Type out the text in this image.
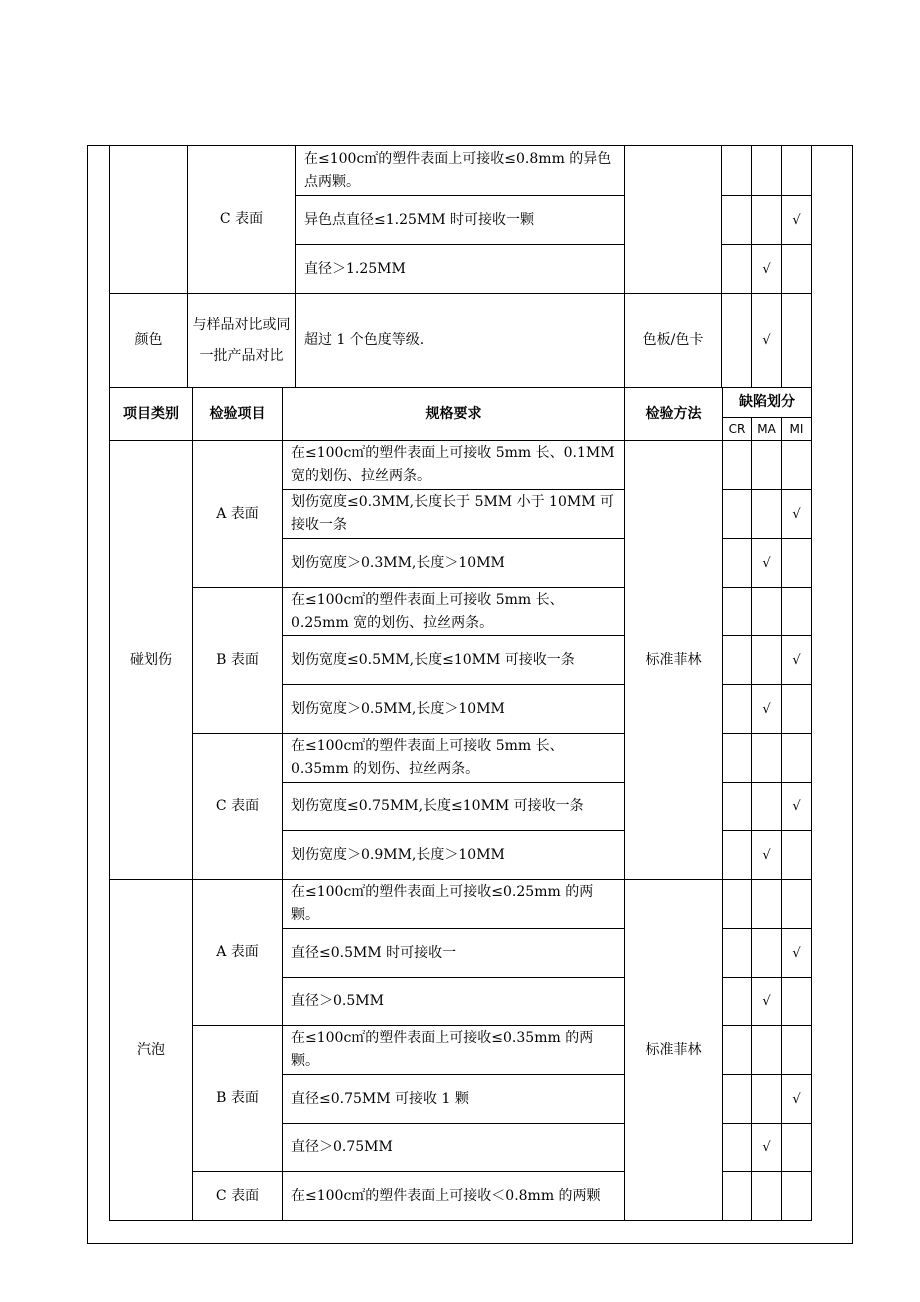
	C 表面	在≤100c㎡的塑件表面上可接收≤0.8mm 的异色点两颗。				
		异色点直径≤1.25MM 时可接收一颗				√
		直径＞1.25MM			√	
颜色	与样品对比或同一批产品对比	超过 1 个色度等级.	色板/色卡		√	
项目类别	检验项目	规格要求	检验方法	缺陷划分		
				CR	MA	MI
碰划伤	A 表面	在≤100c㎡的塑件表面上可接收 5mm 长、0.1MM 宽的划伤、拉丝两条。	标准菲林			
		划伤宽度≤0.3MM,长度长于 5MM 小于 10MM 可接收一条				√
		划伤宽度＞0.3MM,长度＞10MM			√	
	B 表面	在≤100c㎡的塑件表面上可接收 5mm 长、0.25mm 宽的划伤、拉丝两条。				
		划伤宽度≤0.5MM,长度≤10MM 可接收一条				√
		划伤宽度＞0.5MM,长度＞10MM			√	
	C 表面	在≤100c㎡的塑件表面上可接收 5mm 长、0.35mm 的划伤、拉丝两条。				
		划伤宽度≤0.75MM,长度≤10MM 可接收一条				√
		划伤宽度＞0.9MM,长度＞10MM			√	
汽泡	A 表面	在≤100c㎡的塑件表面上可接收≤0.25mm 的两颗。	标准菲林			
		直径≤0.5MM 时可接收一				√
		直径＞0.5MM			√	
	B 表面	在≤100c㎡的塑件表面上可接收≤0.35mm 的两颗。				
		直径≤0.75MM 可接收 1 颗				√
		直径＞0.75MM			√	
	C 表面	在≤100c㎡的塑件表面上可接收＜0.8mm 的两颗				
